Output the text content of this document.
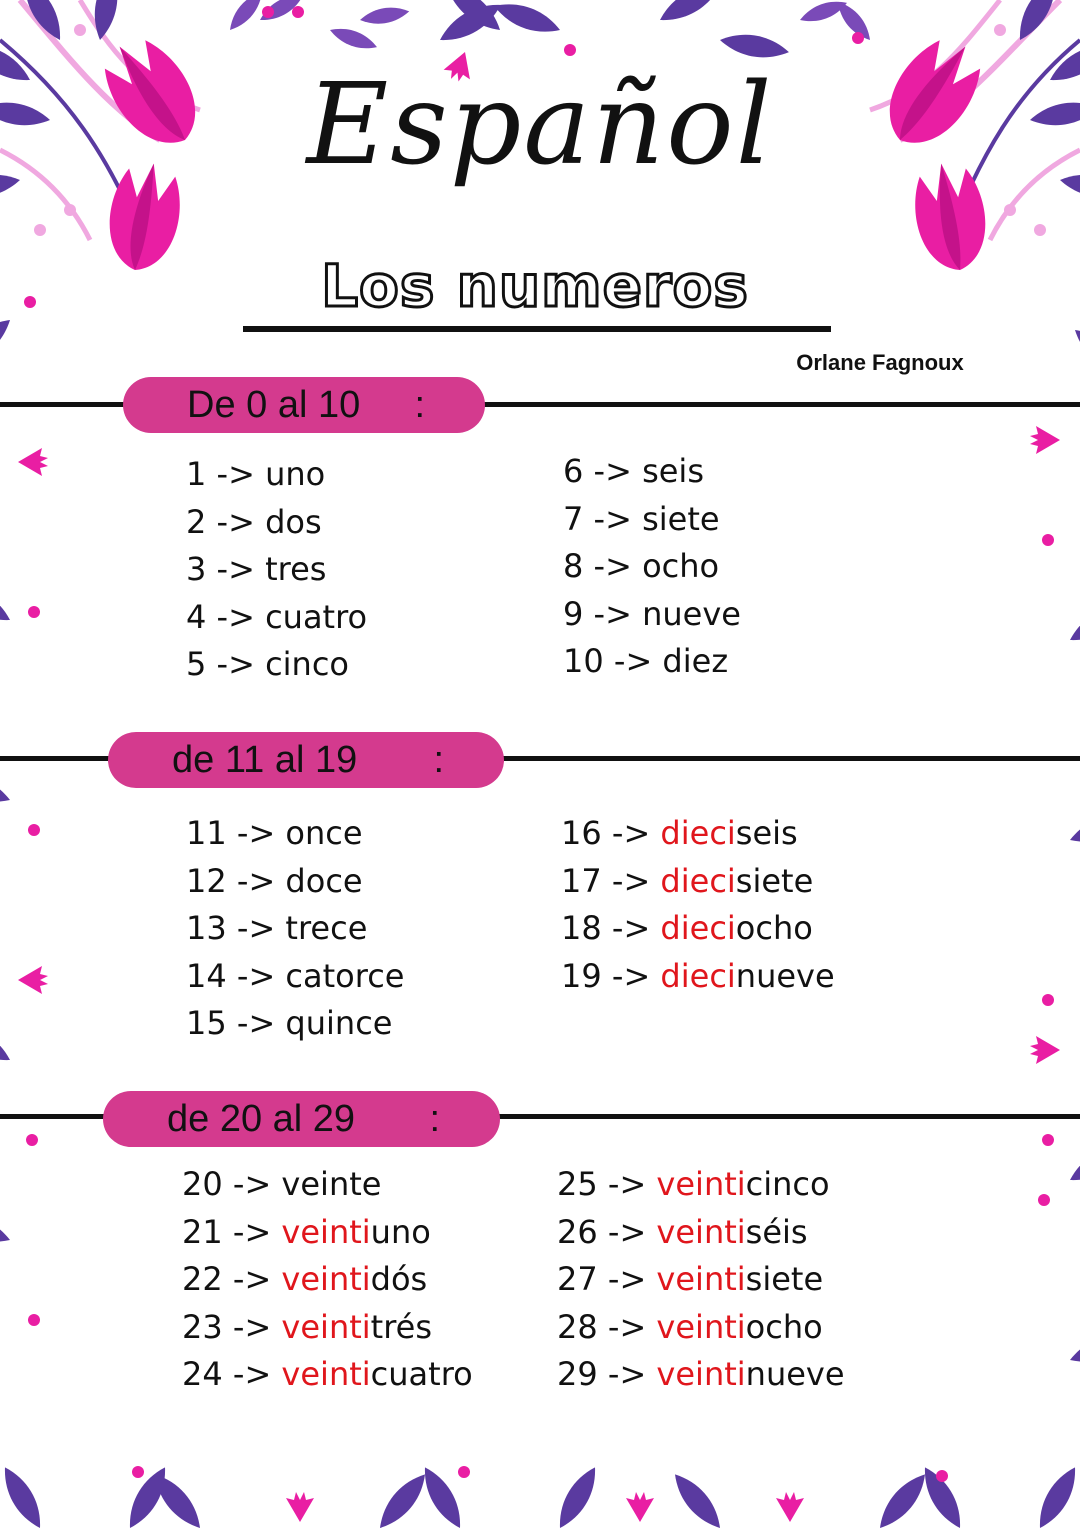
Español
Los numeros
Orlane Fagnoux
De 0 al 10 :
1 -> uno
2 -> dos
3 -> tres
4 -> cuatro
5 -> cinco
6 -> seis
7 -> siete
8 -> ocho
9 -> nueve
10 -> diez
de 11 al 19 :
11 -> once
12 -> doce
13 -> trece
14 -> catorce
15 -> quince
16 -> dieciseis
17 -> diecisiete
18 -> dieciocho
19 -> diecinueve
de 20 al 29 :
20 -> veinte
21 -> veintiuno
22 -> veintidós
23 -> veintitrés
24 -> veinticuatro
25 -> veinticinco
26 -> veintiséis
27 -> veintisiete
28 -> veintiocho
29 -> veintinueve
